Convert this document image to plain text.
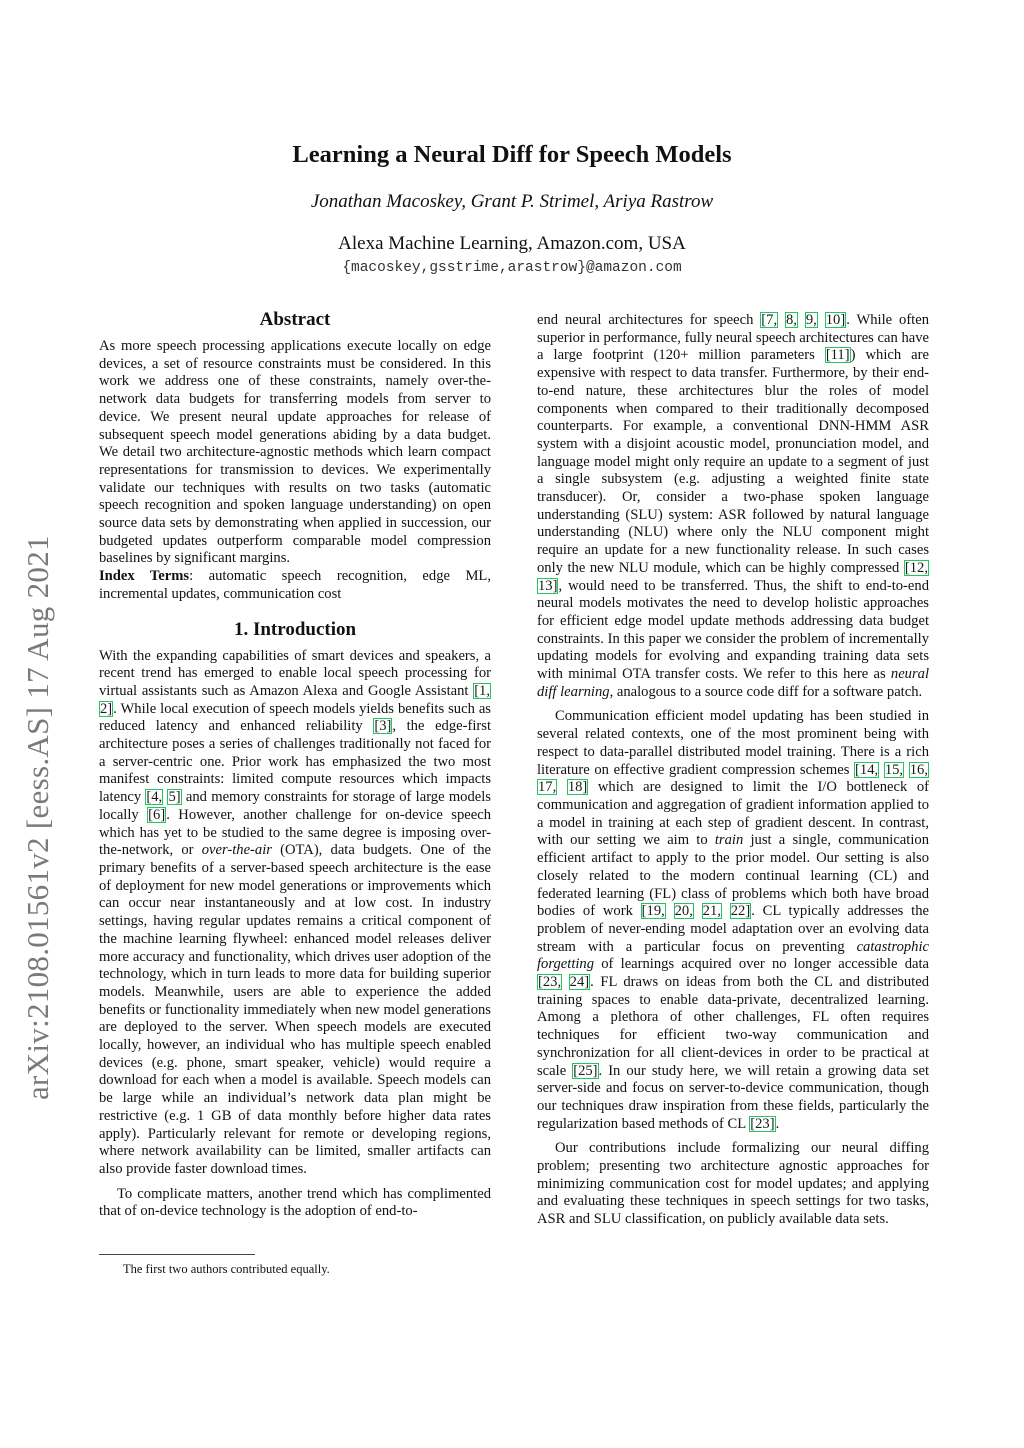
arXiv:2108.01561v2 [eess.AS] 17 Aug 2021
Learning a Neural Diff for Speech Models
Jonathan Macoskey, Grant P. Strimel, Ariya Rastrow
Alexa Machine Learning, Amazon.com, USA
{macoskey,gsstrime,arastrow}@amazon.com
Abstract

As more speech processing applications execute locally on edge devices, a set of resource constraints must be considered. In this work we address one of these constraints, namely over-the-network data budgets for transferring models from server to device. We present neural update approaches for release of subsequent speech model generations abiding by a data budget. We detail two architecture-agnostic methods which learn compact representations for transmission to devices. We experimentally validate our techniques with results on two tasks (automatic speech recognition and spoken language understanding) on open source data sets by demonstrating when applied in succession, our budgeted updates outperform comparable model compression baselines by significant margins.

Index Terms: automatic speech recognition, edge ML, incremental updates, communication cost

1. Introduction

With the expanding capabilities of smart devices and speakers, a recent trend has emerged to enable local speech processing for virtual assistants such as Amazon Alexa and Google Assistant [1, 2]. While local execution of speech models yields benefits such as reduced latency and enhanced reliability [3], the edge-first architecture poses a series of challenges traditionally not faced for a server-centric one. Prior work has emphasized the two most manifest constraints: limited compute resources which impacts latency [4, 5] and memory constraints for storage of large models locally [6]. However, another challenge for on-device speech which has yet to be studied to the same degree is imposing over-the-network, or over-the-air (OTA), data budgets. One of the primary benefits of a server-based speech architecture is the ease of deployment for new model generations or improvements which can occur near instantaneously and at low cost. In industry settings, having regular updates remains a critical component of the machine learning flywheel: enhanced model releases deliver more accuracy and functionality, which drives user adoption of the technology, which in turn leads to more data for building superior models. Meanwhile, users are able to experience the added benefits or functionality immediately when new model generations are deployed to the server. When speech models are executed locally, however, an individual who has multiple speech enabled devices (e.g. phone, smart speaker, vehicle) would require a download for each when a model is available. Speech models can be large while an individual’s network data plan might be restrictive (e.g. 1 GB of data monthly before higher data rates apply). Particularly relevant for remote or developing regions, where network availability can be limited, smaller artifacts can also provide faster download times.

To complicate matters, another trend which has complimented that of on-device technology is the adoption of end-to-

The first two authors contributed equally.

end neural architectures for speech [7, 8, 9, 10]. While often superior in performance, fully neural speech architectures can have a large footprint (120+ million parameters [11]) which are expensive with respect to data transfer. Furthermore, by their end-to-end nature, these architectures blur the roles of model components when compared to their traditionally decomposed counterparts. For example, a conventional DNN-HMM ASR system with a disjoint acoustic model, pronunciation model, and language model might only require an update to a segment of just a single subsystem (e.g. adjusting a weighted finite state transducer). Or, consider a two-phase spoken language understanding (SLU) system: ASR followed by natural language understanding (NLU) where only the NLU component might require an update for a new functionality release. In such cases only the new NLU module, which can be highly compressed [12, 13], would need to be transferred. Thus, the shift to end-to-end neural models motivates the need to develop holistic approaches for efficient edge model update methods addressing data budget constraints. In this paper we consider the problem of incrementally updating models for evolving and expanding training data sets with minimal OTA transfer costs. We refer to this here as neural diff learning, analogous to a source code diff for a software patch.

Communication efficient model updating has been studied in several related contexts, one of the most prominent being with respect to data-parallel distributed model training. There is a rich literature on effective gradient compression schemes [14, 15, 16, 17, 18] which are designed to limit the I/O bottleneck of communication and aggregation of gradient information applied to a model in training at each step of gradient descent. In contrast, with our setting we aim to train just a single, communication efficient artifact to apply to the prior model. Our setting is also closely related to the modern continual learning (CL) and federated learning (FL) class of problems which both have broad bodies of work [19, 20, 21, 22]. CL typically addresses the problem of never-ending model adaptation over an evolving data stream with a particular focus on preventing catastrophic forgetting of learnings acquired over no longer accessible data [23, 24]. FL draws on ideas from both the CL and distributed training spaces to enable data-private, decentralized learning. Among a plethora of other challenges, FL often requires techniques for efficient two-way communication and synchronization for all client-devices in order to be practical at scale [25]. In our study here, we will retain a growing data set server-side and focus on server-to-device communication, though our techniques draw inspiration from these fields, particularly the regularization based methods of CL [23].

Our contributions include formalizing our neural diffing problem; presenting two architecture agnostic approaches for minimizing communication cost for model updates; and applying and evaluating these techniques in speech settings for two tasks, ASR and SLU classification, on publicly available data sets.
